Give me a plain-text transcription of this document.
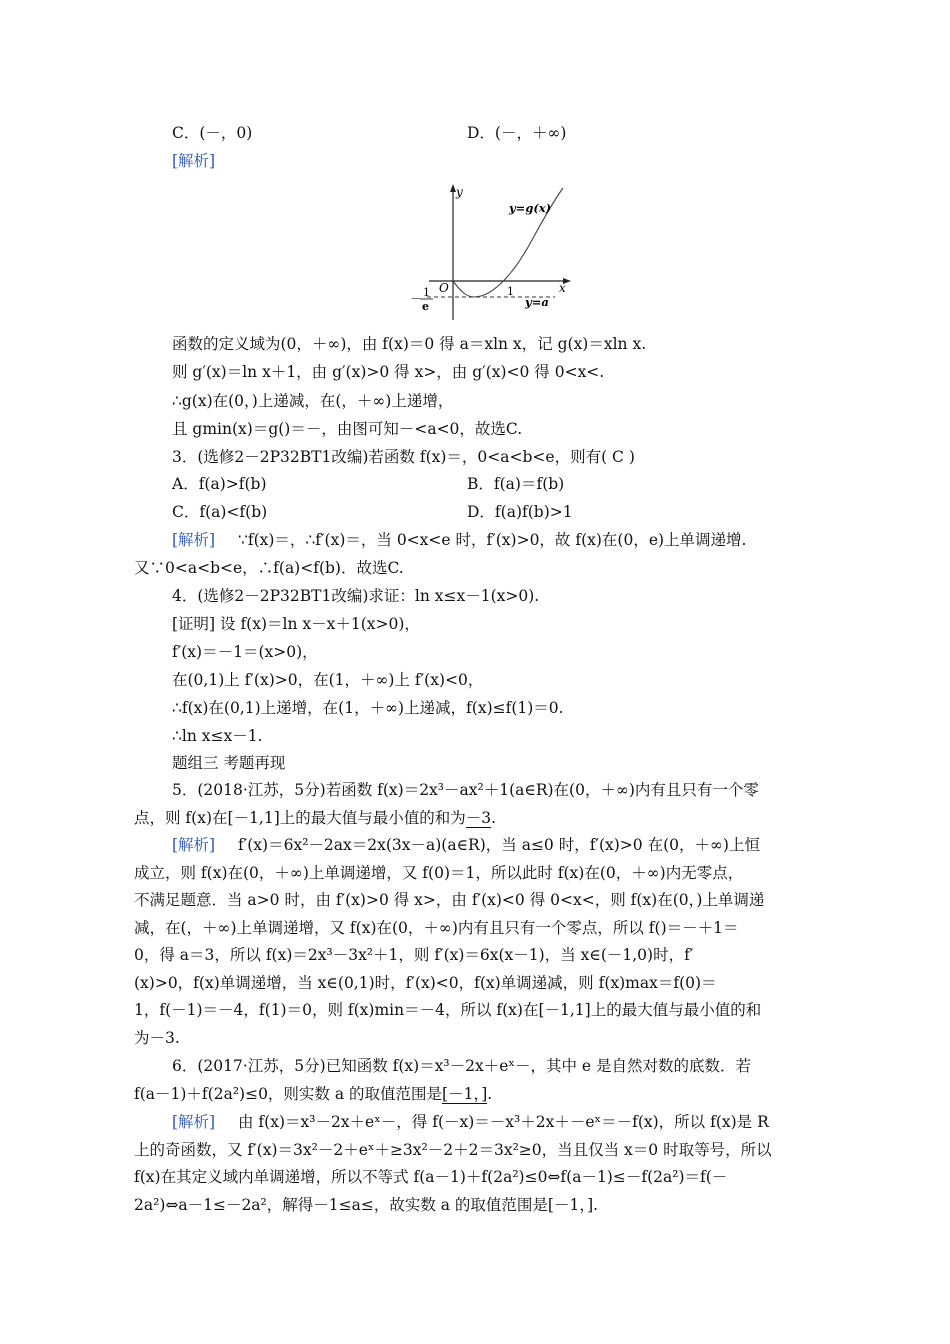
C．(－，0)	D．(－，＋∞)
[解析]
y
x
O	1
－ 1
e
y=g(x)
y=a
函数的定义域为(0，＋∞)，由 f(x)＝0 得 a＝xln x，记 g(x)＝xln x.
则 g′(x)＝ln x＋1，由 g′(x)>0 得 x>，由 g′(x)<0 得 0<x<.
∴g(x)在(0，)上递减，在(，＋∞)上递增，
且 gmin(x)＝g()＝－，由图可知－<a<0，故选C.
3．(选修2－2P32BT1改编)若函数 f(x)＝，0<a<b<e，则有( C )
A．f(a)>f(b)	B．f(a)＝f(b)
C．f(a)<f(b)	D．f(a)f(b)>1
[解析] ∵f(x)＝，∴f′(x)＝，当 0<x<e 时，f′(x)>0，故 f(x)在(0，e)上单调递增.
又∵0<a<b<e，∴f(a)<f(b)．故选C.
4．(选修2－2P32BT1改编)求证：ln x≤x－1(x>0).
[证明] 设 f(x)＝ln x－x＋1(x>0)，
f′(x)＝－1＝(x>0)，
在(0,1)上 f′(x)>0，在(1，＋∞)上 f′(x)<0，
∴f(x)在(0,1)上递增，在(1，＋∞)上递减，f(x)≤f(1)＝0.
∴ln x≤x－1.
题组三 考题再现
5．(2018·江苏，5分)若函数 f(x)＝2x³－ax²＋1(a∈R)在(0，＋∞)内有且只有一个零
点，则 f(x)在[－1,1]上的最大值与最小值的和为－3.
[解析] f′(x)＝6x²－2ax＝2x(3x－a)(a∈R)，当 a≤0 时，f′(x)>0 在(0，＋∞)上恒
成立，则 f(x)在(0，＋∞)上单调递增，又 f(0)＝1，所以此时 f(x)在(0，＋∞)内无零点，
不满足题意．当 a>0 时，由 f′(x)>0 得 x>，由 f′(x)<0 得 0<x<，则 f(x)在(0，)上单调递
减，在(，＋∞)上单调递增，又 f(x)在(0，＋∞)内有且只有一个零点，所以 f()＝－＋1＝
0，得 a＝3，所以 f(x)＝2x³－3x²＋1，则 f′(x)＝6x(x－1)，当 x∈(－1,0)时，f′
(x)>0，f(x)单调递增，当 x∈(0,1)时，f′(x)<0，f(x)单调递减，则 f(x)max＝f(0)＝
1，f(－1)＝－4，f(1)＝0，则 f(x)min＝－4，所以 f(x)在[－1,1]上的最大值与最小值的和
为－3.
6．(2017·江苏，5分)已知函数 f(x)＝x³－2x＋eˣ－，其中 e 是自然对数的底数．若
f(a－1)＋f(2a²)≤0，则实数 a 的取值范围是[－1，].
[解析] 由 f(x)＝x³－2x＋eˣ－，得 f(－x)＝－x³＋2x＋－eˣ＝－f(x)，所以 f(x)是 R
上的奇函数，又 f′(x)＝3x²－2＋eˣ＋≥3x²－2＋2＝3x²≥0，当且仅当 x＝0 时取等号，所以
f(x)在其定义域内单调递增，所以不等式 f(a－1)＋f(2a²)≤0⇔f(a－1)≤－f(2a²)＝f(－
2a²)⇔a－1≤－2a²，解得－1≤a≤，故实数 a 的取值范围是[－1，].
